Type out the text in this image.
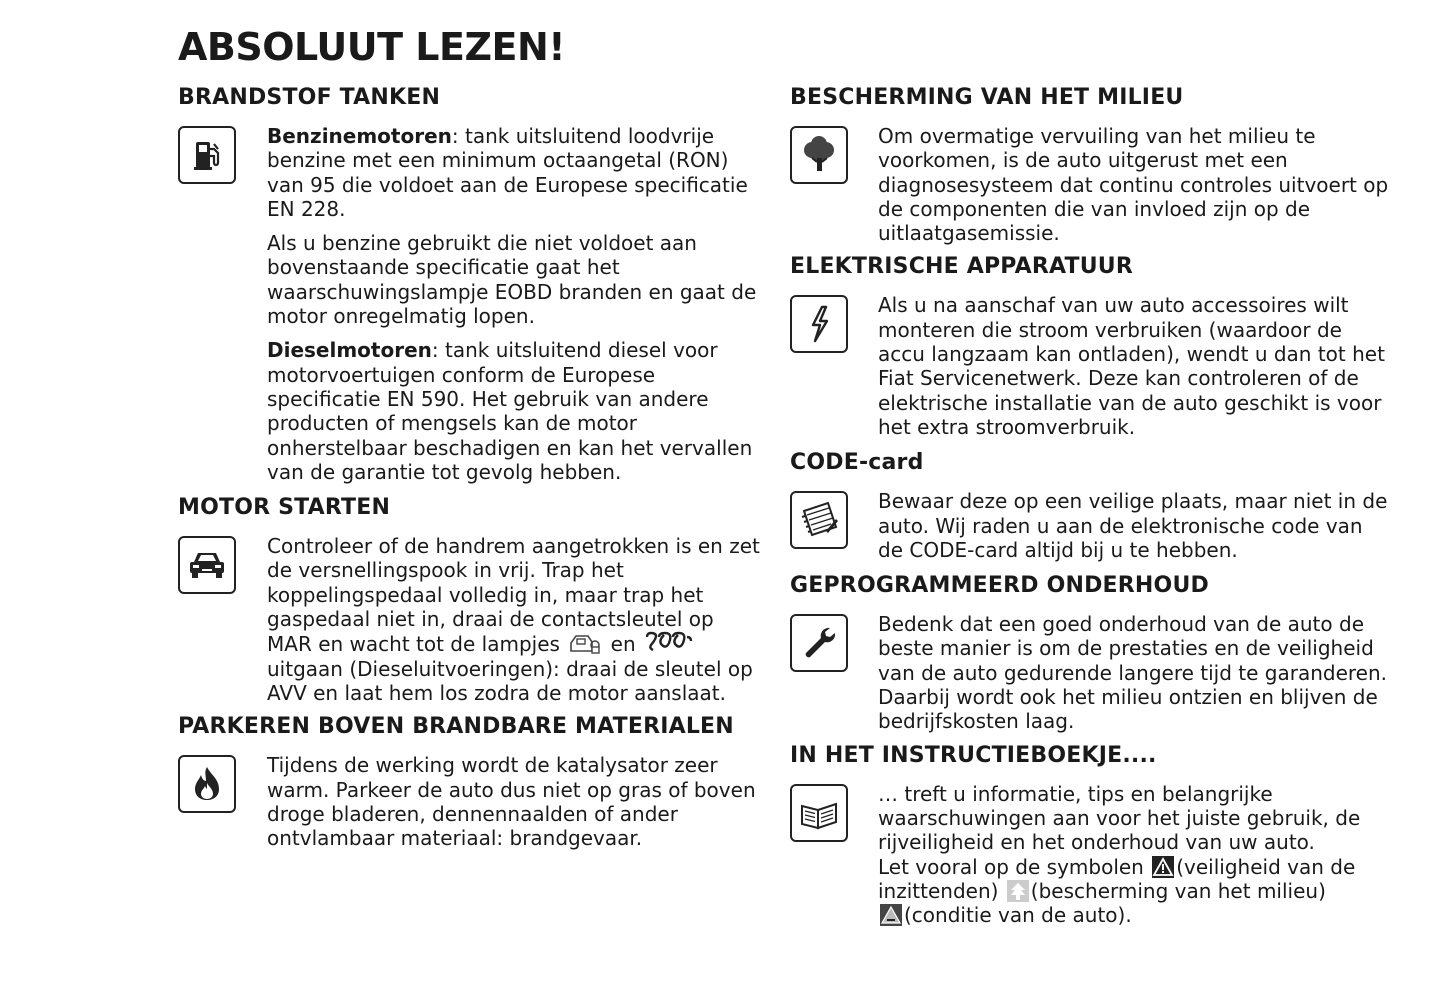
ABSOLUUT LEZEN!
BRANDSTOF TANKEN

Benzinemotoren: tank uitsluitend loodvrije benzine met een minimum octaangetal (RON) van 95 die voldoet aan de Europese specificatie EN 228.

Als u benzine gebruikt die niet voldoet aan bovenstaande specificatie gaat het waarschuwingslampje EOBD branden en gaat de motor onregelmatig lopen.

Dieselmotoren: tank uitsluitend diesel voor motorvoertuigen conform de Europese specificatie EN 590. Het gebruik van andere producten of mengsels kan de motor onherstelbaar beschadigen en kan het vervallen van de garantie tot gevolg hebben.

MOTOR STARTEN

Controleer of de handrem aangetrokken is en zet de versnellingspook in vrij. Trap het koppelingspedaal volledig in, maar trap het gaspedaal niet in, draai de contactsleutel op MAR en wacht tot de lampjes	en
uitgaan (Dieseluitvoeringen): draai de sleutel op AVV en laat hem los zodra de motor aanslaat.

PARKEREN BOVEN BRANDBARE MATERIALEN

Tijdens de werking wordt de katalysator zeer warm. Parkeer de auto dus niet op gras of boven droge bladeren, dennennaalden of ander ontvlambaar materiaal: brandgevaar.

BESCHERMING VAN HET MILIEU

Om overmatige vervuiling van het milieu te voorkomen, is de auto uitgerust met een diagnosesysteem dat continu controles uitvoert op de componenten die van invloed zijn op de uitlaatgasemissie.

ELEKTRISCHE APPARATUUR

Als u na aanschaf van uw auto accessoires wilt monteren die stroom verbruiken (waardoor de accu langzaam kan ontladen), wendt u dan tot het Fiat Servicenetwerk. Deze kan controleren of de elektrische installatie van de auto geschikt is voor het extra stroomverbruik.

CODE-card

Bewaar deze op een veilige plaats, maar niet in de auto. Wij raden u aan de elektronische code van de CODE-card altijd bij u te hebben.

GEPROGRAMMEERD ONDERHOUD

Bedenk dat een goed onderhoud van de auto de beste manier is om de prestaties en de veiligheid van de auto gedurende langere tijd te garanderen. Daarbij wordt ook het milieu ontzien en blijven de bedrijfskosten laag.

IN HET INSTRUCTIEBOEKJE....

… treft u informatie, tips en belangrijke waarschuwingen aan voor het juiste gebruik, de rijveiligheid en het onderhoud van uw auto.
Let vooral op de symbolen (veiligheid van de inzittenden) (bescherming van het milieu)

(conditie van de auto).
